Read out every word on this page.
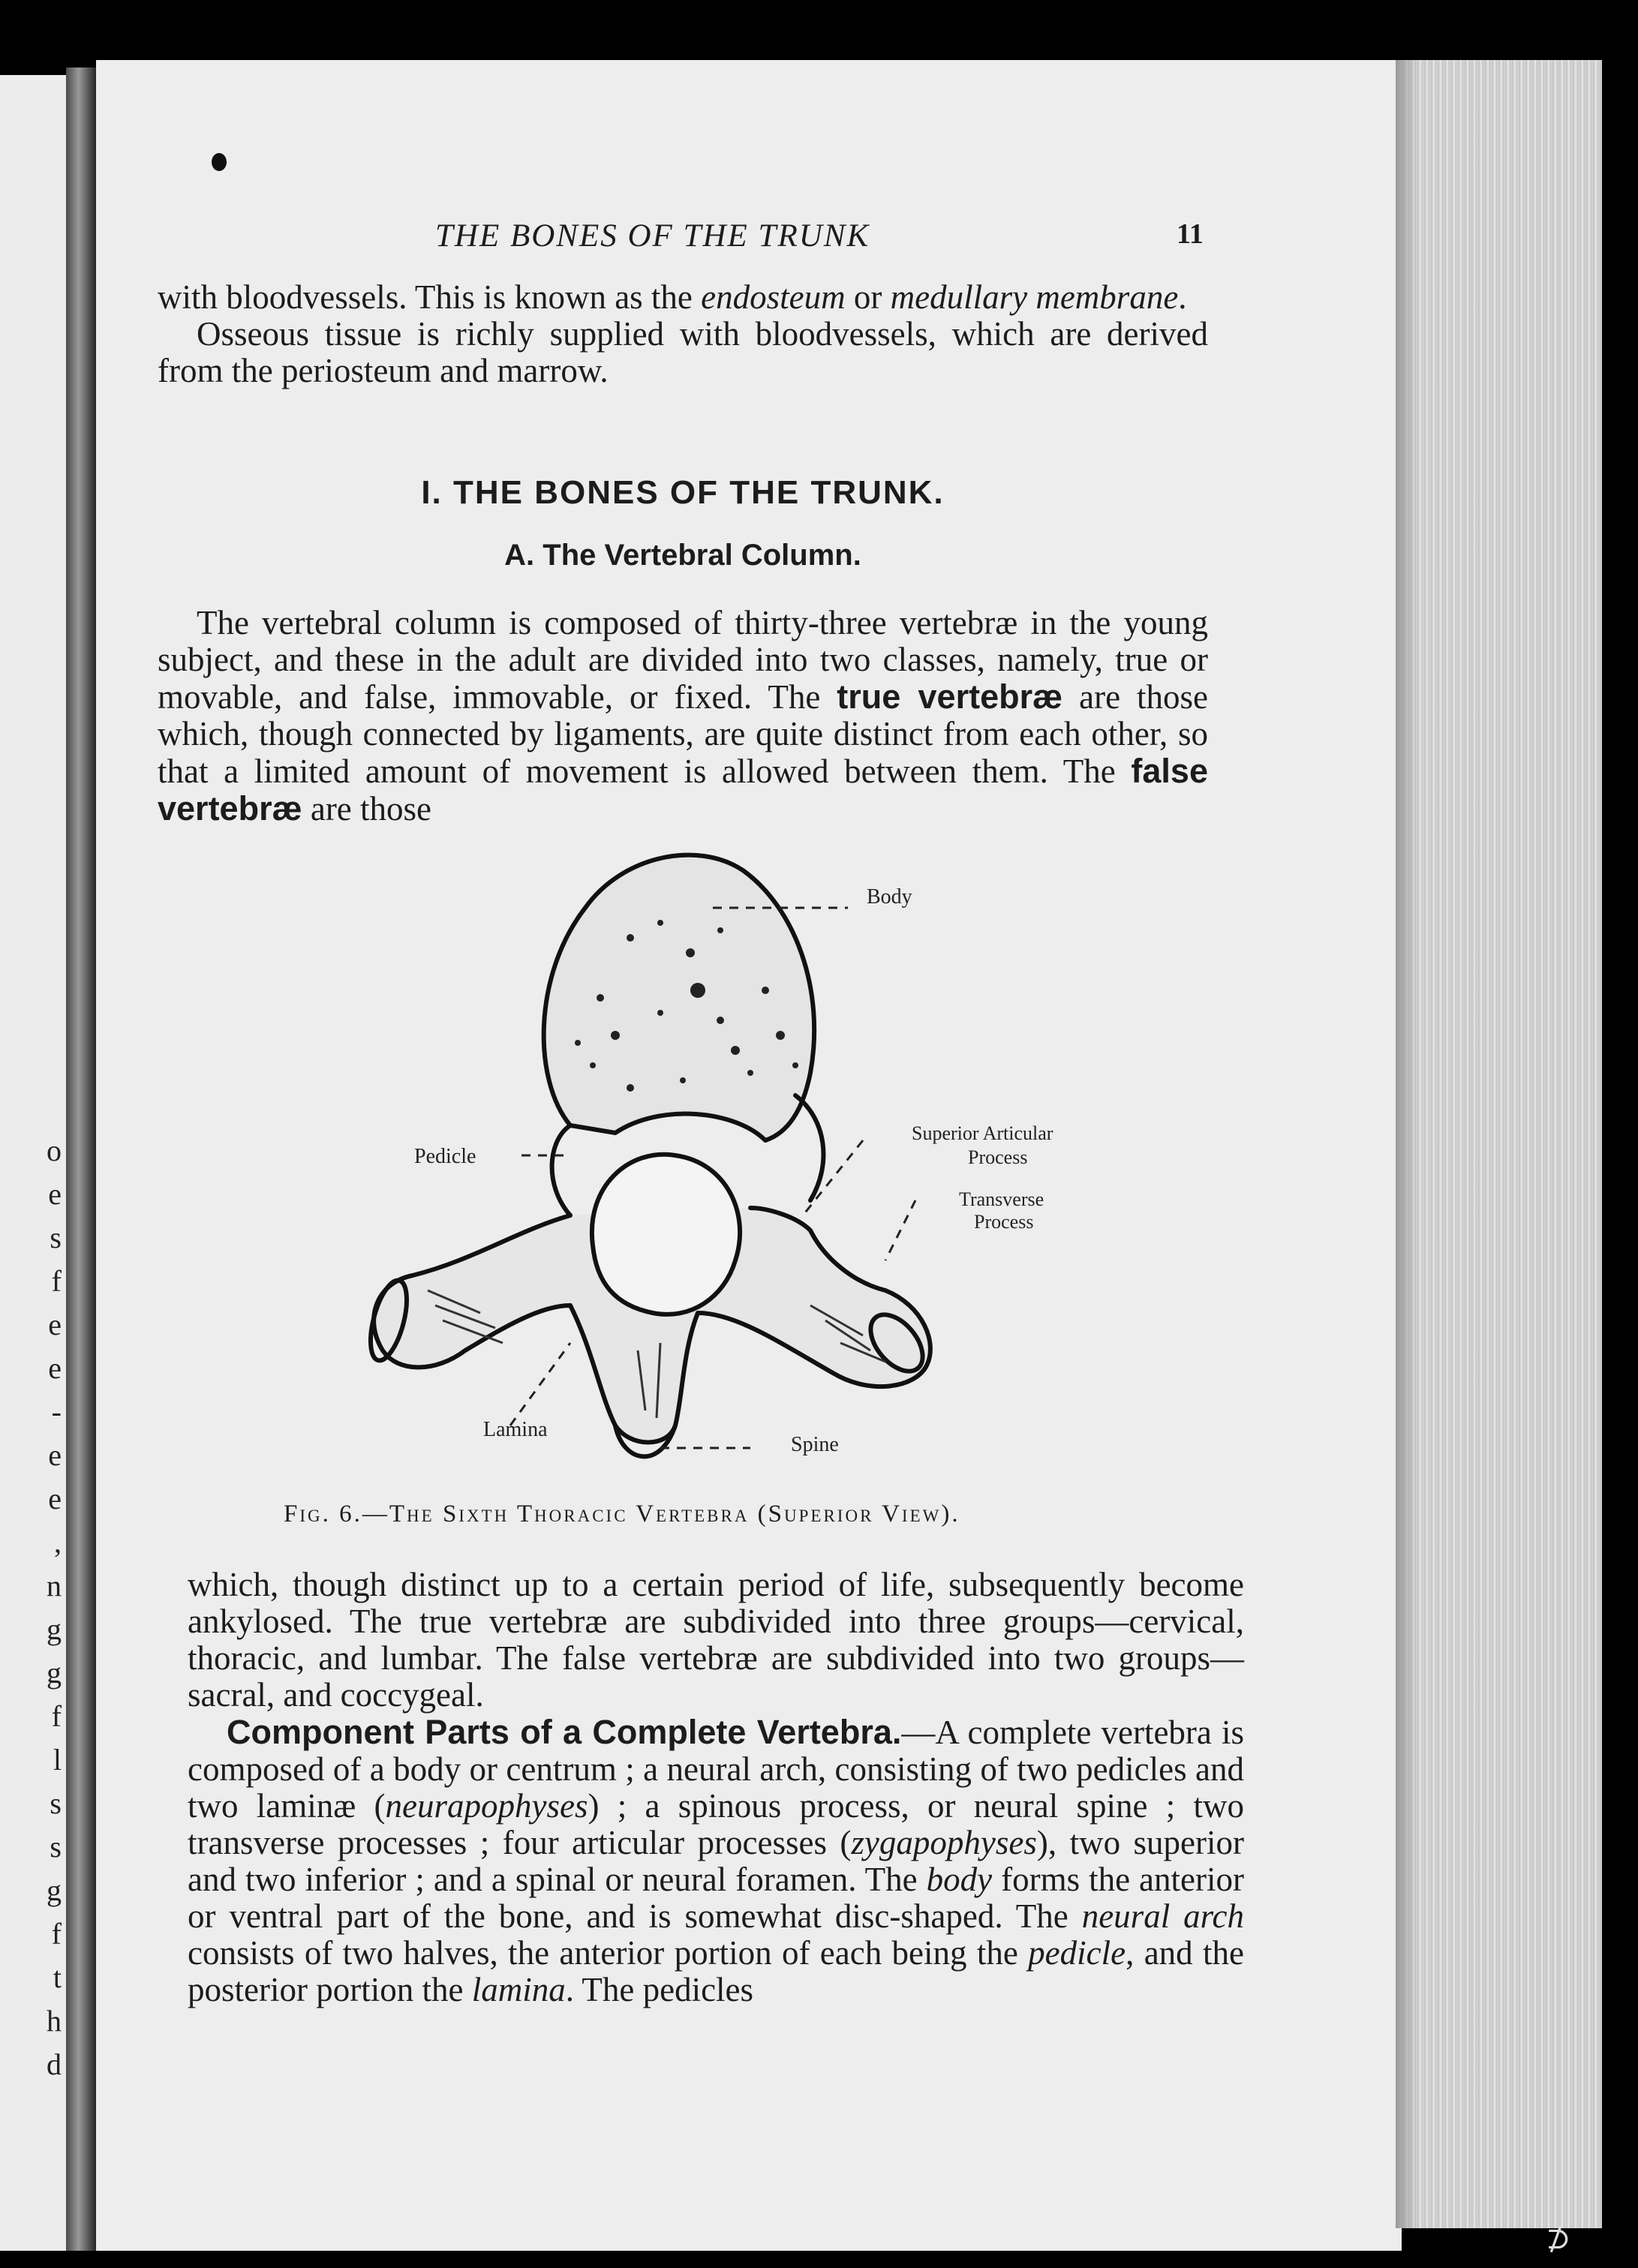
o
e
s
f
e
e
-
e
e
,
n
g
g
f
l
s
s
g
f
t
h
d
⊅
THE BONES OF THE TRUNK	11

with bloodvessels. This is known as the endosteum or medullary membrane.

Osseous tissue is richly supplied with bloodvessels, which are derived from the periosteum and marrow.

I. THE BONES OF THE TRUNK.
A. The Vertebral Column.

The vertebral column is composed of thirty-three vertebræ in the young subject, and these in the adult are divided into two classes, namely, true or movable, and false, immovable, or fixed. The true vertebræ are those which, though connected by ligaments, are quite distinct from each other, so that a limited amount of movement is allowed between them. The false vertebræ are those

Body
Superior Articular
Process
Transverse
Process
Pedicle
Lamina
Spine
Fig. 6.—The Sixth Thoracic Vertebra (Superior View).

which, though distinct up to a certain period of life, subsequently become ankylosed. The true vertebræ are subdivided into three groups—cervical, thoracic, and lumbar. The false vertebræ are subdivided into two groups—sacral, and coccygeal.

Component Parts of a Complete Vertebra.—A complete vertebra is composed of a body or centrum ; a neural arch, consisting of two pedicles and two laminæ (neurapophyses) ; a spinous process, or neural spine ; two transverse processes ; four articular processes (zygapophyses), two superior and two inferior ; and a spinal or neural foramen. The body forms the anterior or ventral part of the bone, and is somewhat disc-shaped. The neural arch consists of two halves, the anterior portion of each being the pedicle, and the posterior portion the lamina. The pedicles
